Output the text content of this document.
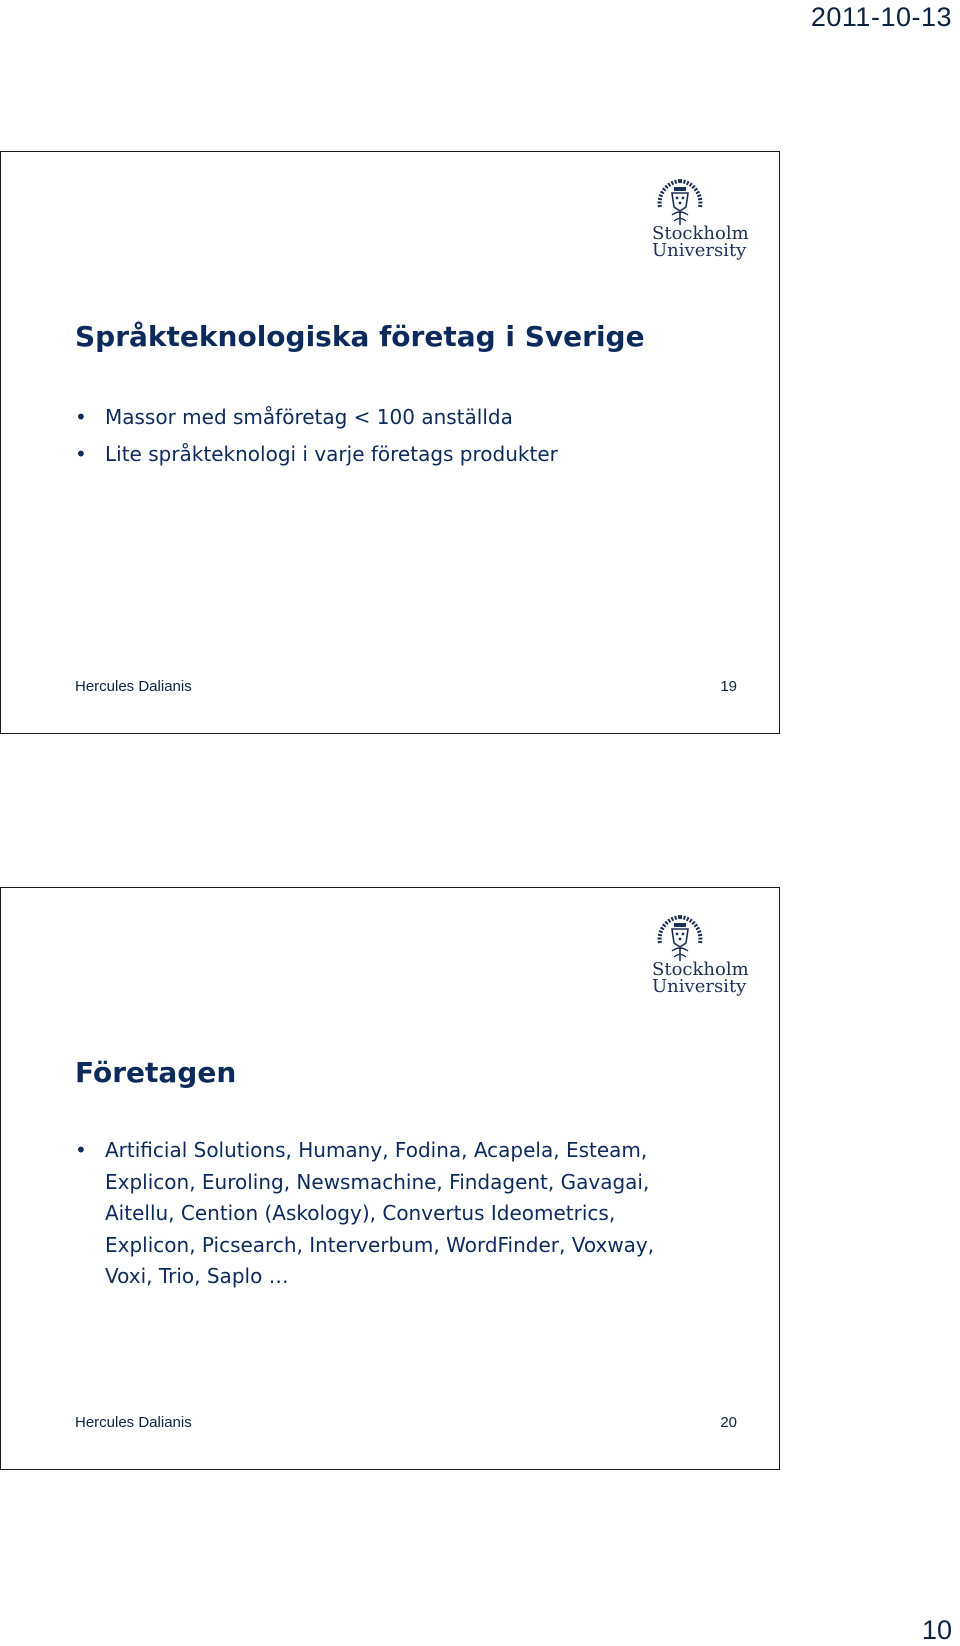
2011-10-13
Stockholm
University
Språkteknologiska företag i Sverige
• Massor med småföretag < 100 anställda
• Lite språkteknologi i varje företags produkter
Hercules Dalianis	19
Stockholm
University
Företagen
• Artificial Solutions, Humany, Fodina, Acapela, Esteam, Explicon, Euroling, Newsmachine, Findagent, Gavagai, Aitellu, Cention (Askology), Convertus Ideometrics, Explicon, Picsearch, Interverbum, WordFinder, Voxway, Voxi, Trio, Saplo …
Hercules Dalianis	20
10
